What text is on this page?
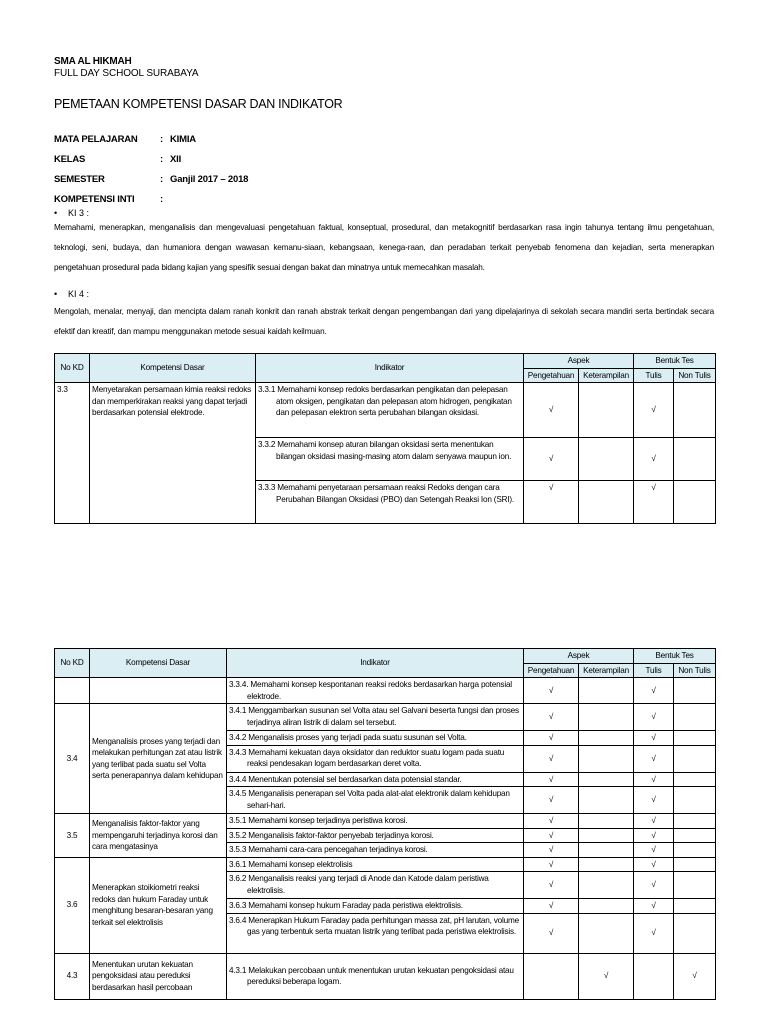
SMA AL HIKMAH
FULL DAY SCHOOL SURABAYA
PEMETAAN KOMPETENSI DASAR DAN INDIKATOR
MATA PELAJARAN	: KIMIA
KELAS	: XII
SEMESTER	: Ganjil 2017 – 2018
KOMPETENSI INTI	:
• KI 3 :
Memahami, menerapkan, menganalisis dan mengevaluasi pengetahuan faktual, konseptual, prosedural, dan metakognitif berdasarkan rasa ingin tahunya tentang ilmu pengetahuan, teknologi, seni, budaya, dan humaniora dengan wawasan kemanu-siaan, kebangsaan, kenega-raan, dan peradaban terkait penyebab fenomena dan kejadian, serta menerapkan pengetahuan prosedural pada bidang kajian yang spesifik sesuai dengan bakat dan minatnya untuk memecahkan masalah.
• KI 4 :
Mengolah, menalar, menyaji, dan mencipta dalam ranah konkrit dan ranah abstrak terkait dengan pengembangan dari yang dipelajarinya di sekolah secara mandiri serta bertindak secara efektif dan kreatif, dan mampu menggunakan metode sesuai kaidah keilmuan.
No KD	Kompetensi Dasar	Indikator	Aspek		Bentuk Tes	
			Pengetahuan	Keterampilan	Tulis	Non Tulis
3.3	Menyetarakan persamaan kimia reaksi redoks dan memperkirakan reaksi yang dapat terjadi berdasarkan potensial elektrode.	3.3.1 Memahami konsep redoks berdasarkan pengikatan dan pelepasan atom oksigen, pengikatan dan pelepasan atom hidrogen, pengikatan dan pelepasan elektron serta perubahan bilangan oksidasi.	√		√	
		3.3.2 Memahami konsep aturan bilangan oksidasi serta menentukan bilangan oksidasi masing-masing atom dalam senyawa maupun ion.	√		√	
		3.3.3 Memahami penyetaraan persamaan reaksi Redoks dengan cara Perubahan Bilangan Oksidasi (PBO) dan Setengah Reaksi Ion (SRI).	√		√	
No KD	Kompetensi Dasar	Indikator	Aspek		Bentuk Tes	
			Pengetahuan	Keterampilan	Tulis	Non Tulis
		3.3.4. Memahami konsep kespontanan reaksi redoks berdasarkan harga potensial elektrode.	√		√	
3.4	Menganalisis proses yang terjadi dan melakukan perhitungan zat atau listrik yang terlibat pada suatu sel Volta serta penerapannya dalam kehidupan	3.4.1 Menggambarkan susunan sel Volta atau sel Galvani beserta fungsi dan proses terjadinya aliran listrik di dalam sel tersebut.	√		√	
		3.4.2 Menganalisis proses yang terjadi pada suatu susunan sel Volta.	√		√	
		3.4.3 Memahami kekuatan daya oksidator dan reduktor suatu logam pada suatu reaksi pendesakan logam berdasarkan deret volta.	√		√	
		3.4.4 Menentukan potensial sel berdasarkan data potensial standar.	√		√	
		3.4.5 Menganalisis penerapan sel Volta pada alat-alat elektronik dalam kehidupan sehari-hari.	√		√	
3.5	Menganalisis faktor-faktor yang mempengaruhi terjadinya korosi dan cara mengatasinya	3.5.1 Memahami konsep terjadinya peristiwa korosi.	√		√	
		3.5.2 Menganalisis faktor-faktor penyebab terjadinya korosi.	√		√	
		3.5.3 Memahami cara-cara pencegahan terjadinya korosi.	√		√	
3.6	Menerapkan stoikiometri reaksi redoks dan hukum Faraday untuk menghitung besaran-besaran yang terkait sel elektrolisis	3.6.1 Memahami konsep elektrolisis	√		√	
		3.6.2 Menganalisis reaksi yang terjadi di Anode dan Katode dalam peristiwa elektrolisis.	√		√	
		3.6.3 Memahami konsep hukum Faraday pada peristiwa elektrolisis.	√		√	
		3.6.4 Menerapkan Hukum Faraday pada perhitungan massa zat, pH larutan, volume gas yang terbentuk serta muatan listrik yang terlibat pada peristiwa elektrolisis.	√		√	
4.3	Menentukan urutan kekuatan pengoksidasi atau pereduksi berdasarkan hasil percobaan	4.3.1 Melakukan percobaan untuk menentukan urutan kekuatan pengoksidasi atau pereduksi beberapa logam.		√		√
